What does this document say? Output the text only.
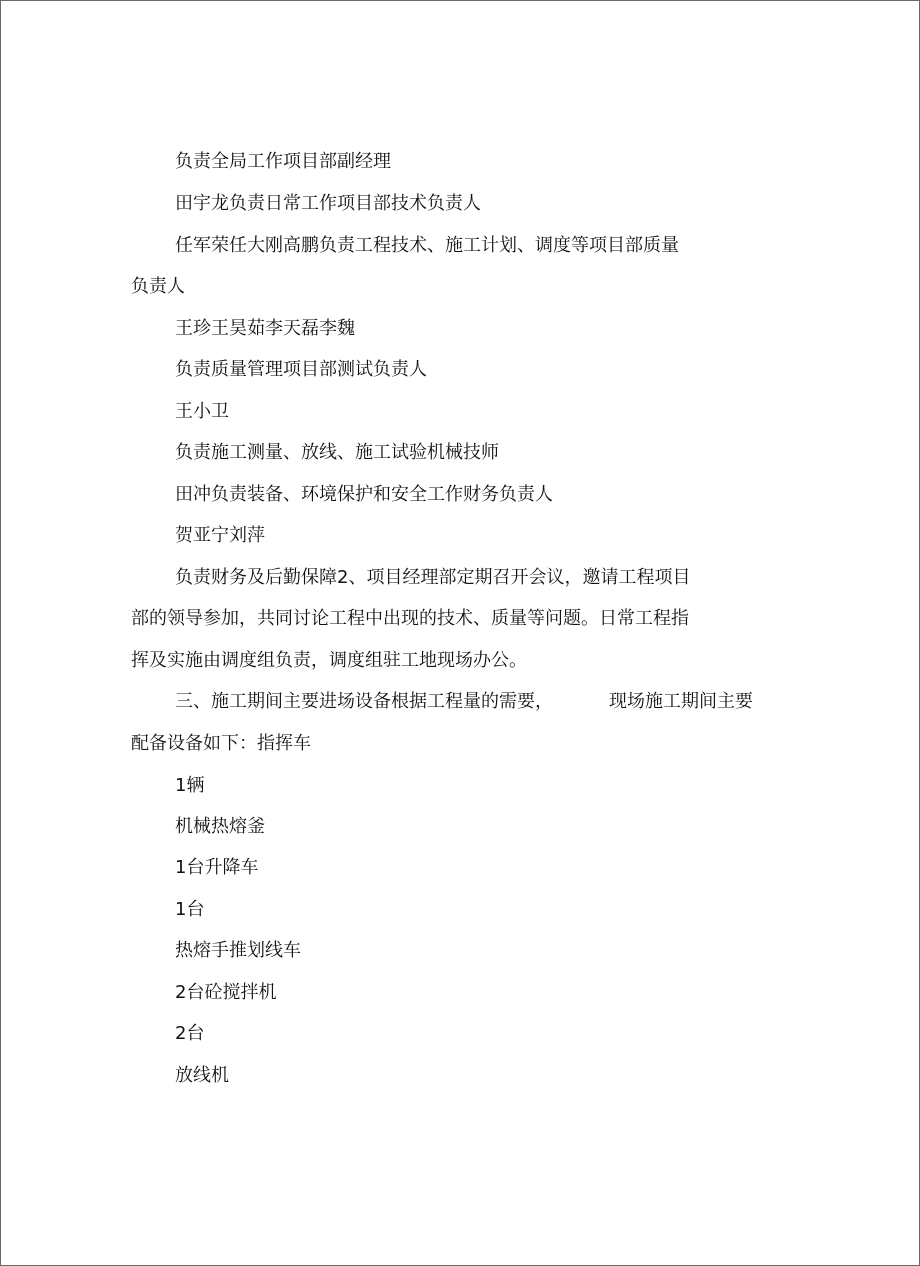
负责全局工作项目部副经理
田宇龙负责日常工作项目部技术负责人
任军荣任大刚高鹏负责工程技术、施工计划、调度等项目部质量
负责人
王珍王昊茹李天磊李魏
负责质量管理项目部测试负责人
王小卫
负责施工测量、放线、施工试验机械技师
田冲负责装备、环境保护和安全工作财务负责人
贺亚宁刘萍
负责财务及后勤保障2、项目经理部定期召开会议，邀请工程项目
部的领导参加，共同讨论工程中出现的技术、质量等问题。日常工程指
挥及实施由调度组负责，调度组驻工地现场办公。
三、施工期间主要进场设备根据工程量的需要，	现场施工期间主要
配备设备如下：指挥车
1辆
机械热熔釜
1台升降车
1台
热熔手推划线车
2台砼搅拌机
2台
放线机
